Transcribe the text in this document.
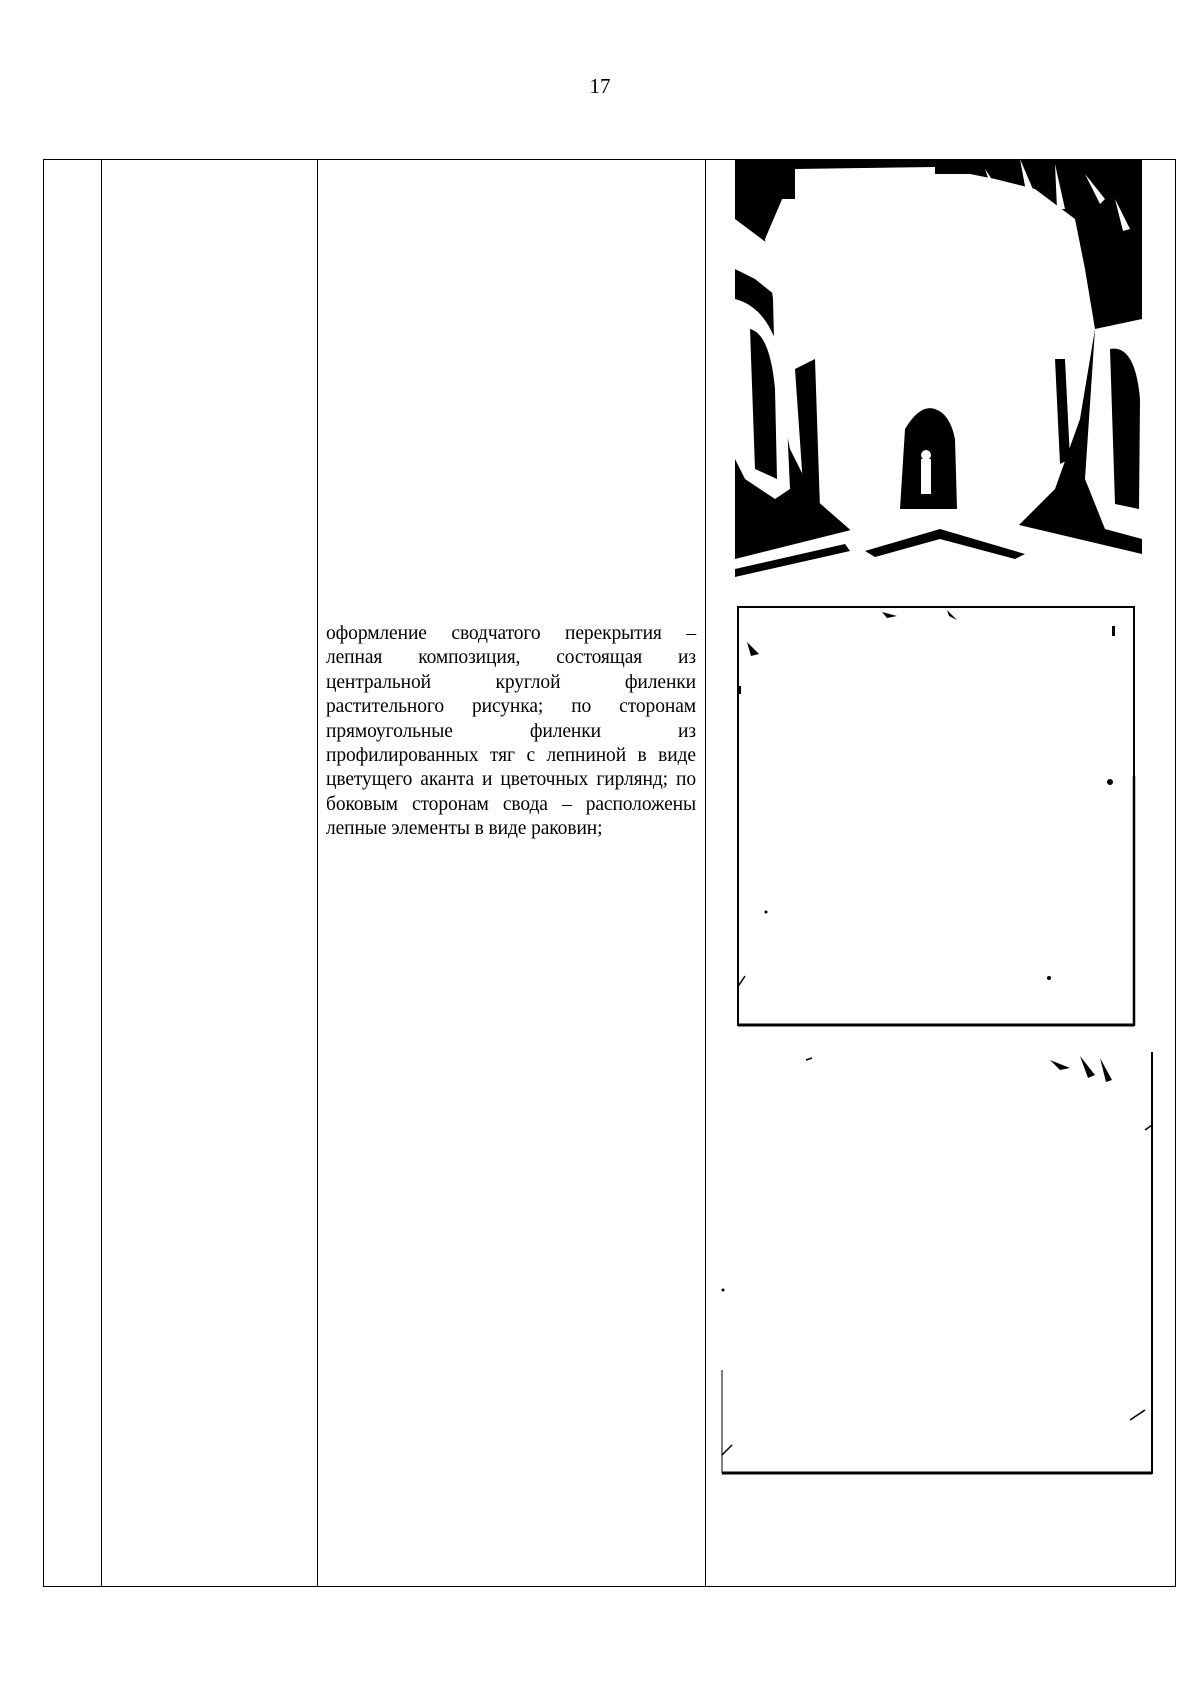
17
оформление сводчатого перекрытия – лепная композиция, состоящая из центральной круглой филенки растительного рисунка; по сторонам прямоугольные филенки из профилированных тяг с лепниной в виде цветущего аканта и цветочных гирлянд; по боковым сторонам свода – расположены лепные элементы в виде раковин;
